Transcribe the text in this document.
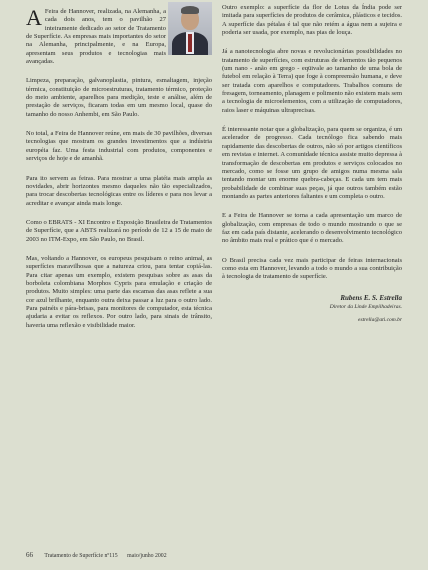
A Feira de Hannover, realizada, na Alemanha, a cada dois anos, tem o pavilhão 27 inteiramente dedicado ao setor de Tratamento de Superfície. As empresas mais importantes do setor na Alemanha, principalmente, e na Europa, apresentam seus produtos e tecnologias mais avançadas.

Limpeza, preparação, galvanoplastia, pintura, esmaltagem, injeção térmica, constituição de microestruturas, tratamento térmico, proteção do meio ambiente, aparelhos para medição, teste e análise, além de prestação de serviços, ficaram todas em um mesmo local, quase do tamanho do nosso Anhembi, em São Paulo.

No total, a Feira de Hannover reúne, em mais de 30 pavilhões, diversas tecnologias que mostram os grandes investimentos que a indústria européia faz. Uma festa industrial com produtos, componentes e serviços de hoje e de amanhã.

Para ito servem as feiras. Para mostrar a uma platéia mais ampla as novidades, abrir horizontes mesmo daqueles não tão especializados, para trocar descobertas tecnológicas entre os líderes e para nos levar a acreditar e avançar ainda mais longe.

Como o EBRATS - XI Encontro e Exposição Brasileira de Tratamentos de Superfície, que a ABTS realizará no período de 12 a 15 de maio de 2003 no ITM-Expo, em São Paulo, no Brasil.

Mas, voltando a Hannover, os europeus pesquisam o reino animal, as superfícies maravilhosas que a natureza criou, para tentar copiá-las. Para citar apenas um exemplo, existem pesquisas sobre as asas da borboleta colombiana Morphos Cypris para emulação e criação de produtos. Muito simples: uma parte das escamas das asas reflete a sua cor azul brilhante, enquanto outra deixa passar a luz para o outro lado. Para painéis e pára-brisas, para monitores de computador, esta técnica ajudaria a evitar os reflexos. Por outro lado, para sinais de trânsito, haveria uma reflexão e visibilidade maior.

Outro exemplo: a superfície da flor de Lotus da Índia pode ser imitada para superfícies de produtos de cerâmica, plásticos e tecidos. A superfície das pétalas é tal que não retém a água nem a sujeira e poderia ser usada, por exemplo, nas pias de louça.

Já a nanotecnologia abre novas e revolucionárias possibilidades no tratamento de superfícies, com estruturas de elementos tão pequenos (um nano - anão em grego - eqüivale ao tamanho de uma bola de futebol em relação à Terra) que foge à compreensão humana, e deve ser tratada com aparelhos e computadores. Trabalhos comuns de fresagem, torneamento, planagem e polimento não existem mais sem a tecnologia de microelementos, com a utilização de computadores, raios laser e máquinas ultraprecisas.

É interessante notar que a globalização, para quem se organiza, é um acelerador de progresso. Cada tecnólogo fica sabendo mais rapidamente das descobertas de outros, não só por artigos científicos em revistas e internet. A comunidade técnica assiste muito depressa à transformação de descobertas em produtos e serviços colocados no mercado, como se fosse um grupo de amigos numa mesma sala tentando montar um enorme quebra-cabeças. E cada um tem mais probabilidade de combinar suas peças, já que outros também estão montando as partes anteriores faltantes e um completa o outro.

E a Feira de Hannover se torna a cada apresentação um marco de globalização, com empresas de todo o mundo mostrando o que se faz em cada país distante, acelerando o desenvolvimento tecnológico no âmbito mais real e prático que é o mercado.

O Brasil precisa cada vez mais participar de feiras internacionais como esta em Hannover, levando a todo o mundo a sua contribuição à tecnologia de tratamento de superfície.

Rubens E. S. Estrella
Diretor da Linde Empilhadeiras.
estrella@ati.com.br
66 Tratamento de Superfície nº115 maio/junho 2002
